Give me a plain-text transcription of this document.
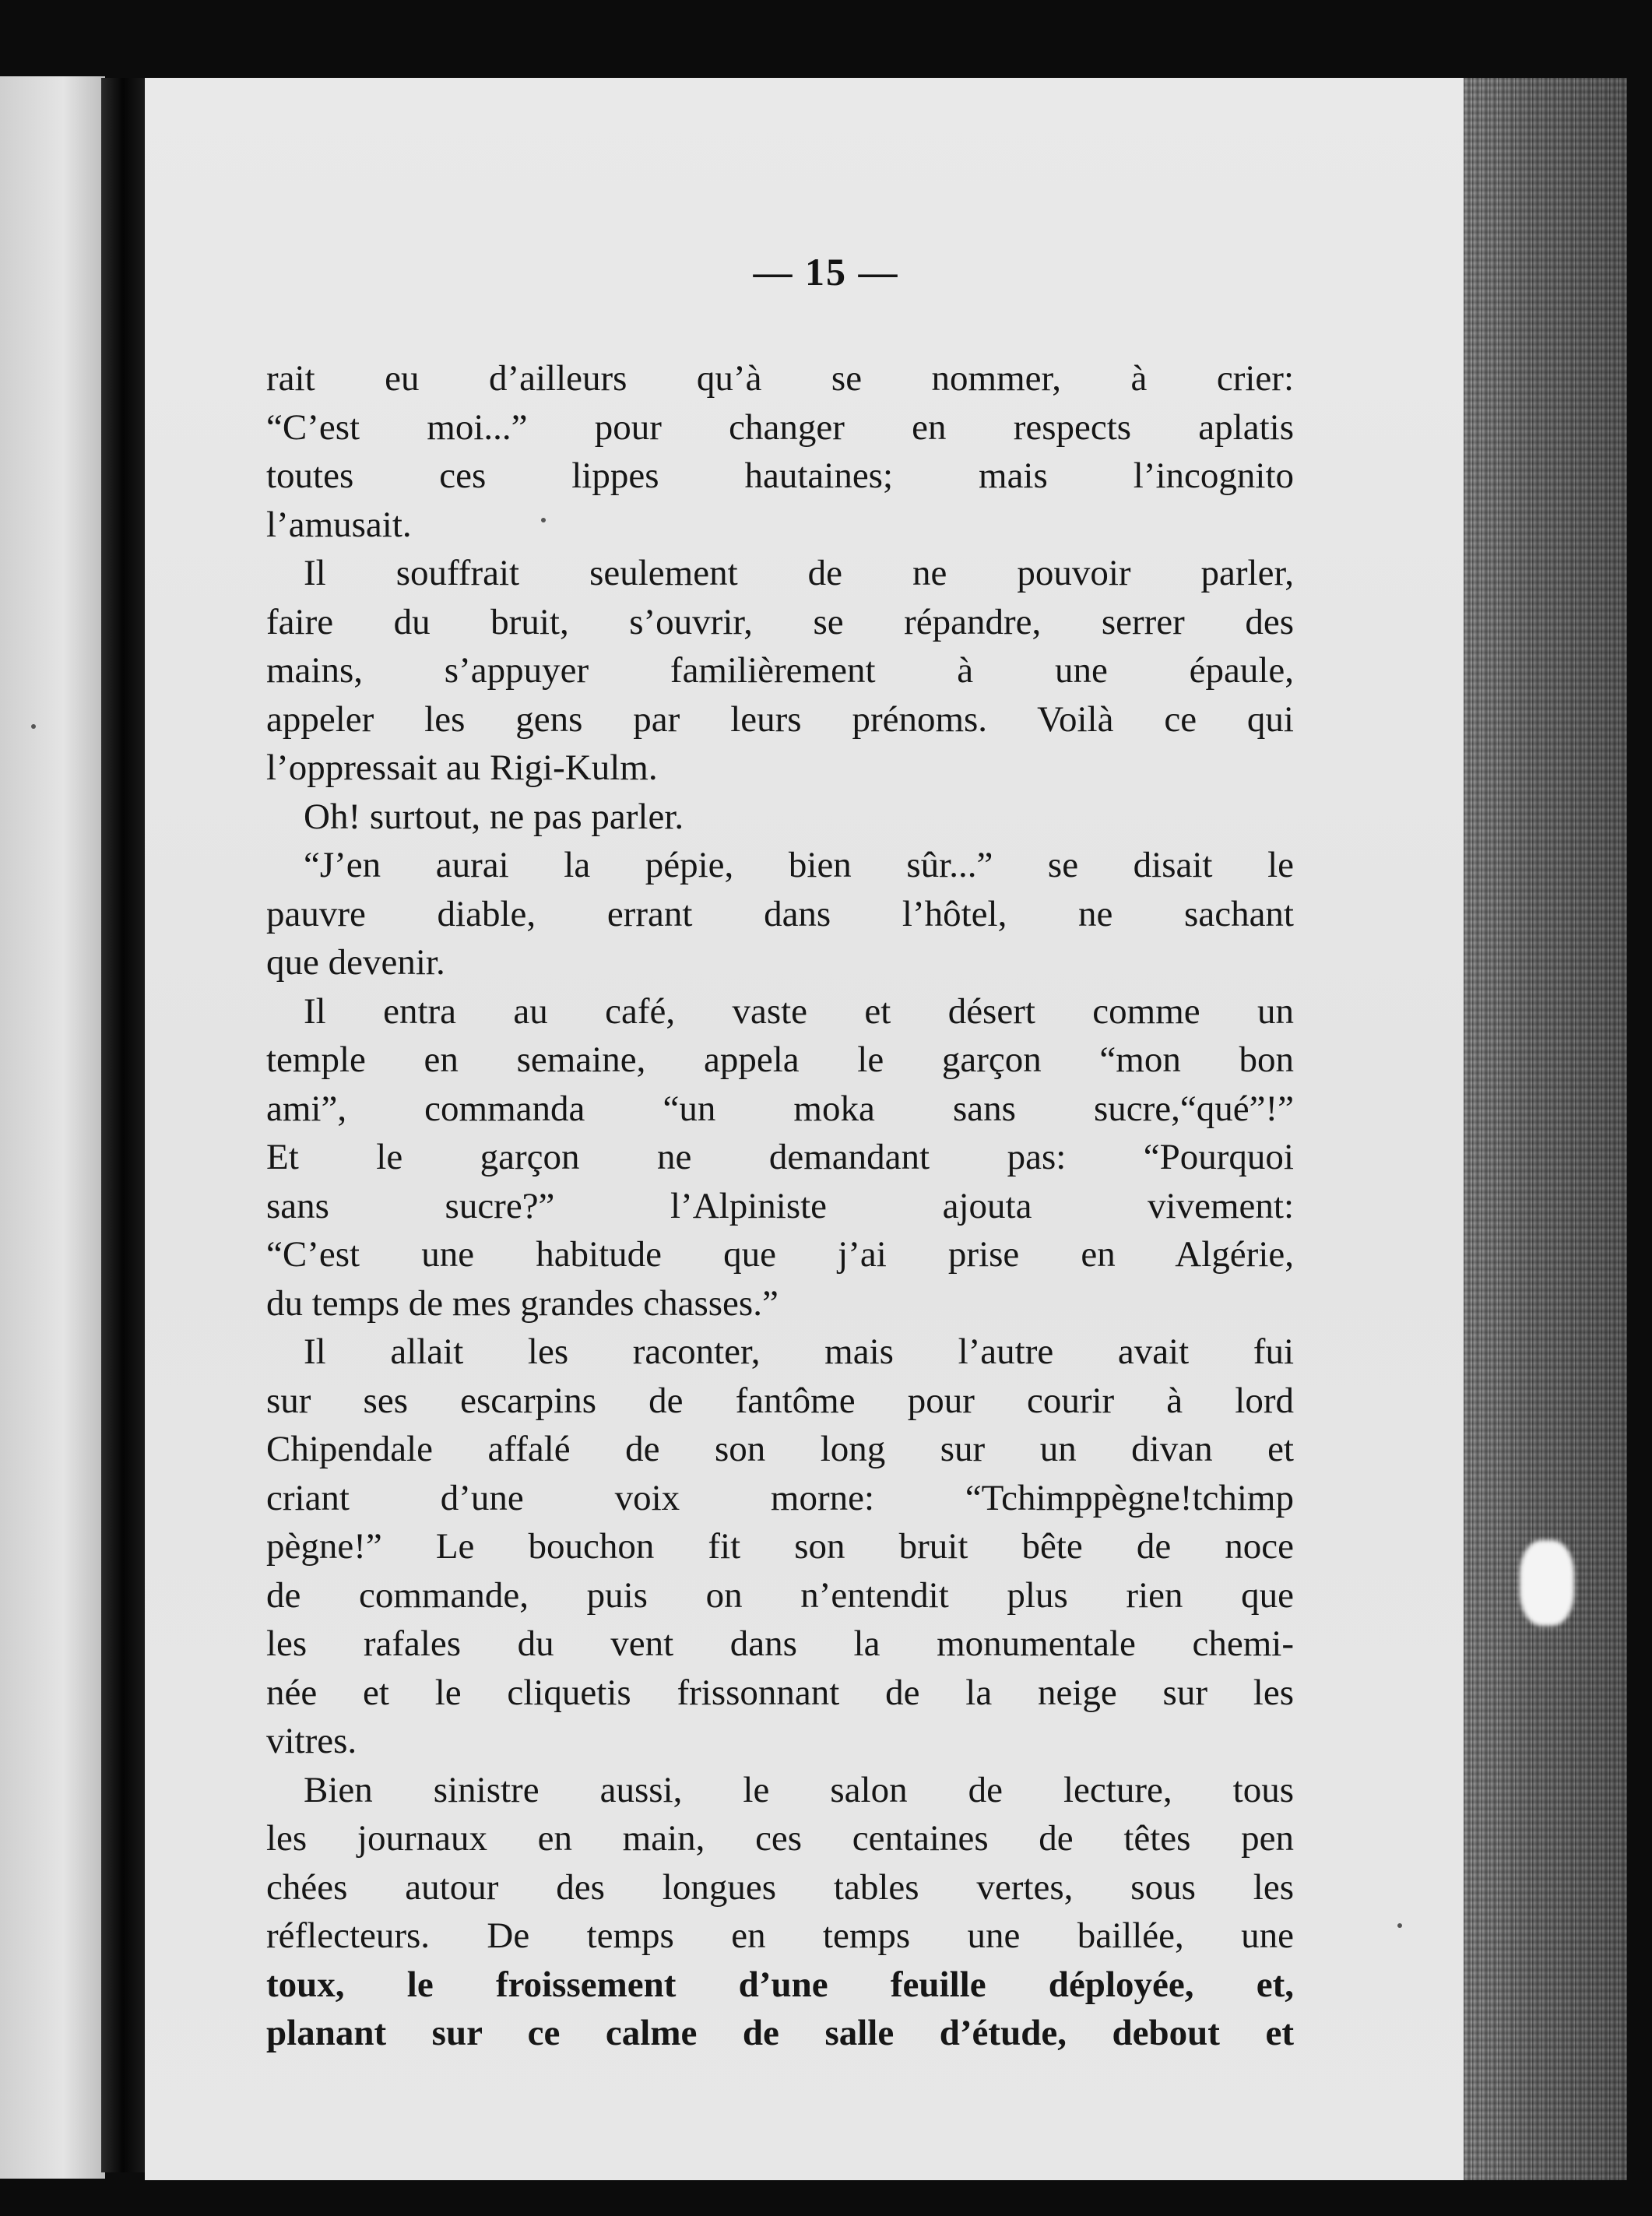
— 15 —
rait eu d’ailleurs qu’à se nommer, à crier:
“C’est moi...” pour changer en respects aplatis
toutes ces lippes hautaines; mais l’incognito
l’amusait.
Il souffrait seulement de ne pouvoir parler,
faire du bruit, s’ouvrir, se répandre, serrer des
mains, s’appuyer familièrement à une épaule,
appeler les gens par leurs prénoms. Voilà ce qui
l’oppressait au Rigi-Kulm.
Oh! surtout, ne pas parler.
“J’en aurai la pépie, bien sûr...” se disait le
pauvre diable, errant dans l’hôtel, ne sachant
que devenir.
Il entra au café, vaste et désert comme un
temple en semaine, appela le garçon “mon bon
ami”, commanda “un moka sans sucre,“qué”!”
Et le garçon ne demandant pas: “Pourquoi
sans sucre?” l’Alpiniste ajouta vivement:
“C’est une habitude que j’ai prise en Algérie,
du temps de mes grandes chasses.”
Il allait les raconter, mais l’autre avait fui
sur ses escarpins de fantôme pour courir à lord
Chipendale affalé de son long sur un divan et
criant d’une voix morne: “Tchimppègne!tchimp
pègne!” Le bouchon fit son bruit bête de noce
de commande, puis on n’entendit plus rien que
les rafales du vent dans la monumentale chemi-
née et le cliquetis frissonnant de la neige sur les
vitres.
Bien sinistre aussi, le salon de lecture, tous
les journaux en main, ces centaines de têtes pen
chées autour des longues tables vertes, sous les
réflecteurs. De temps en temps une baillée, une
toux, le froissement d’une feuille déployée, et,
planant sur ce calme de salle d’étude, debout et
